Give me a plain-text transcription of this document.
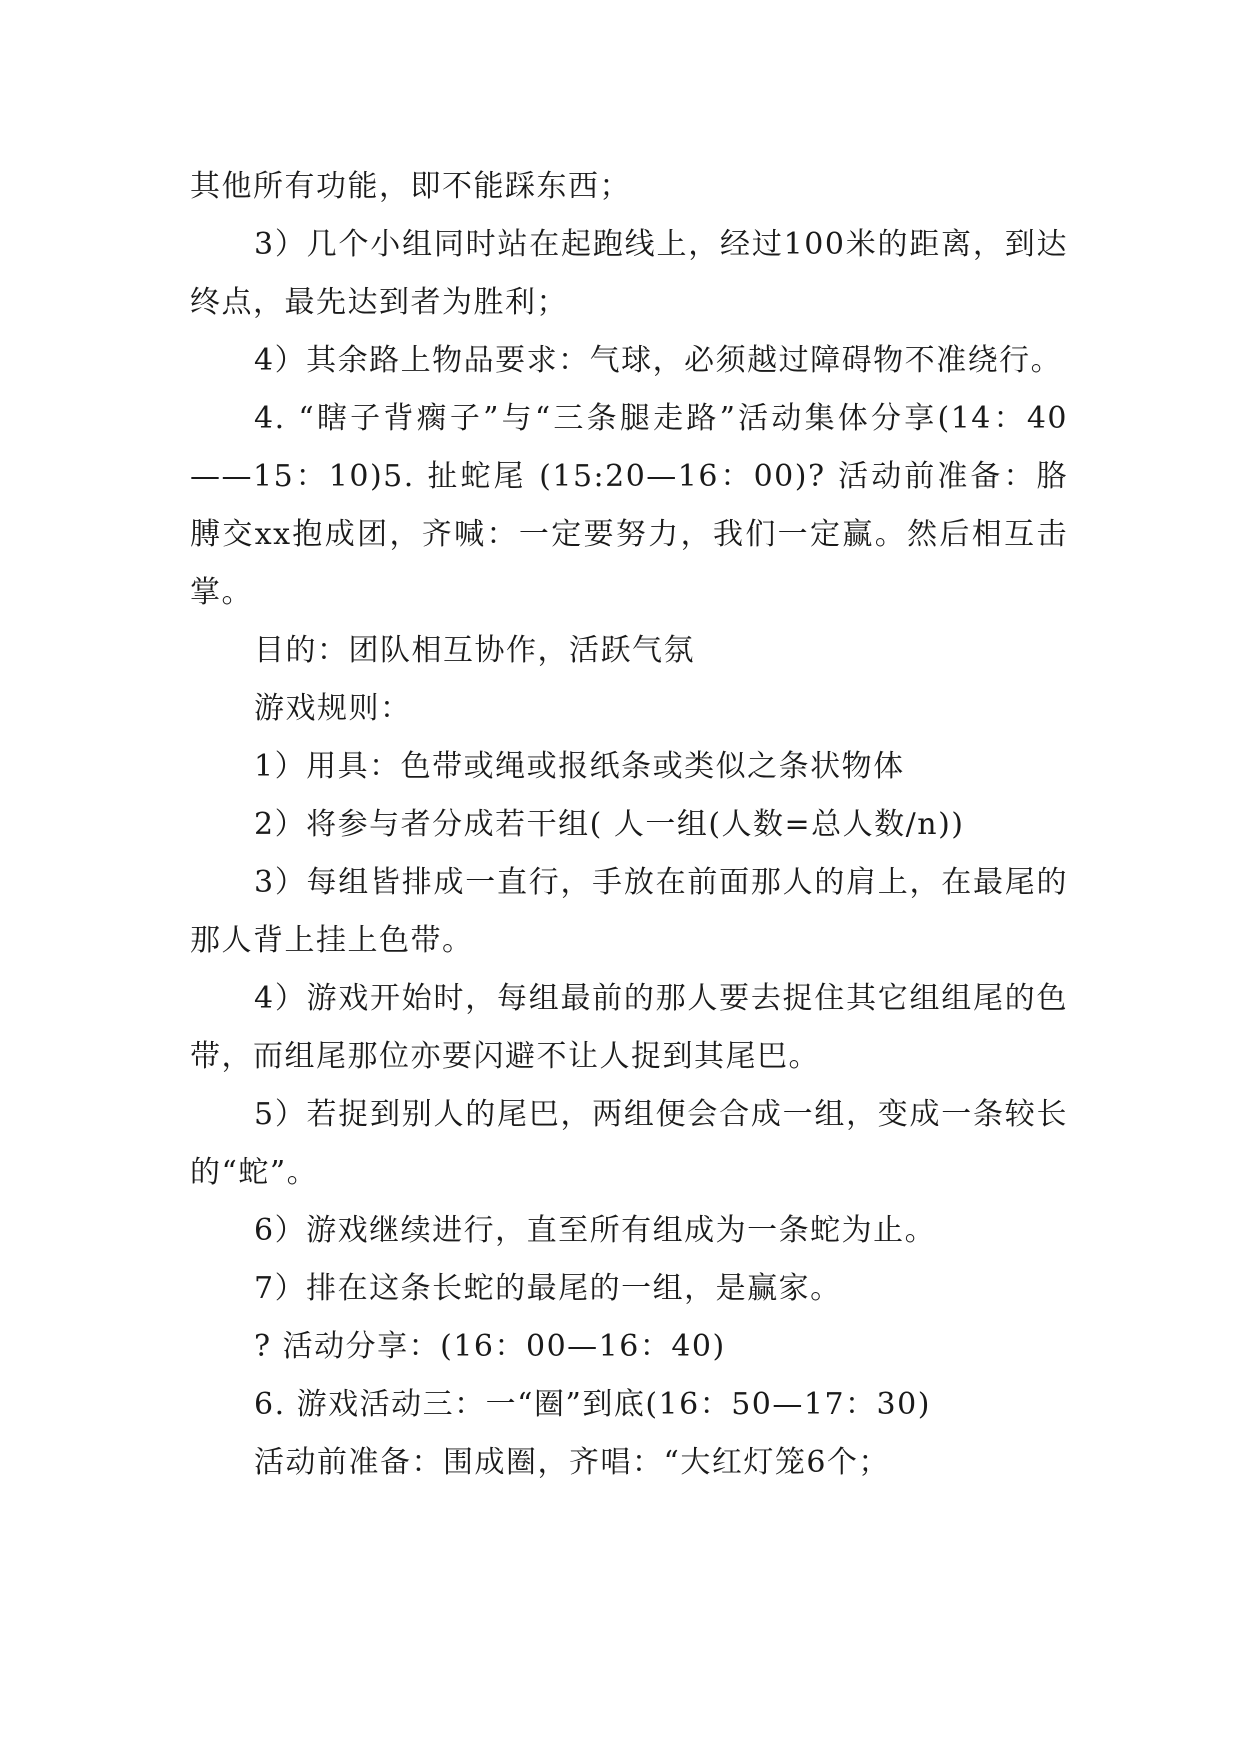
其他所有功能，即不能踩东西；

3）几个小组同时站在起跑线上，经过100米的距离，到达终点，最先达到者为胜利；

4）其余路上物品要求：气球，必须越过障碍物不准绕行。

4. “瞎子背瘸子”与“三条腿走路”活动集体分享(14：40——15：10)5. 扯蛇尾 (15:20—16：00)? 活动前准备：胳膊交xx抱成团，齐喊：一定要努力，我们一定赢。然后相互击掌。

目的：团队相互协作，活跃气氛

游戏规则：

1）用具：色带或绳或报纸条或类似之条状物体

2）将参与者分成若干组( 人一组(人数=总人数/n))

3）每组皆排成一直行，手放在前面那人的肩上，在最尾的那人背上挂上色带。

4）游戏开始时，每组最前的那人要去捉住其它组组尾的色带，而组尾那位亦要闪避不让人捉到其尾巴。

5）若捉到别人的尾巴，两组便会合成一组，变成一条较长的“蛇”。

6）游戏继续进行，直至所有组成为一条蛇为止。

7）排在这条长蛇的最尾的一组，是赢家。

? 活动分享：(16：00—16：40)

6. 游戏活动三：一“圈”到底(16：50—17：30)

活动前准备：围成圈，齐唱：“大红灯笼6个；
